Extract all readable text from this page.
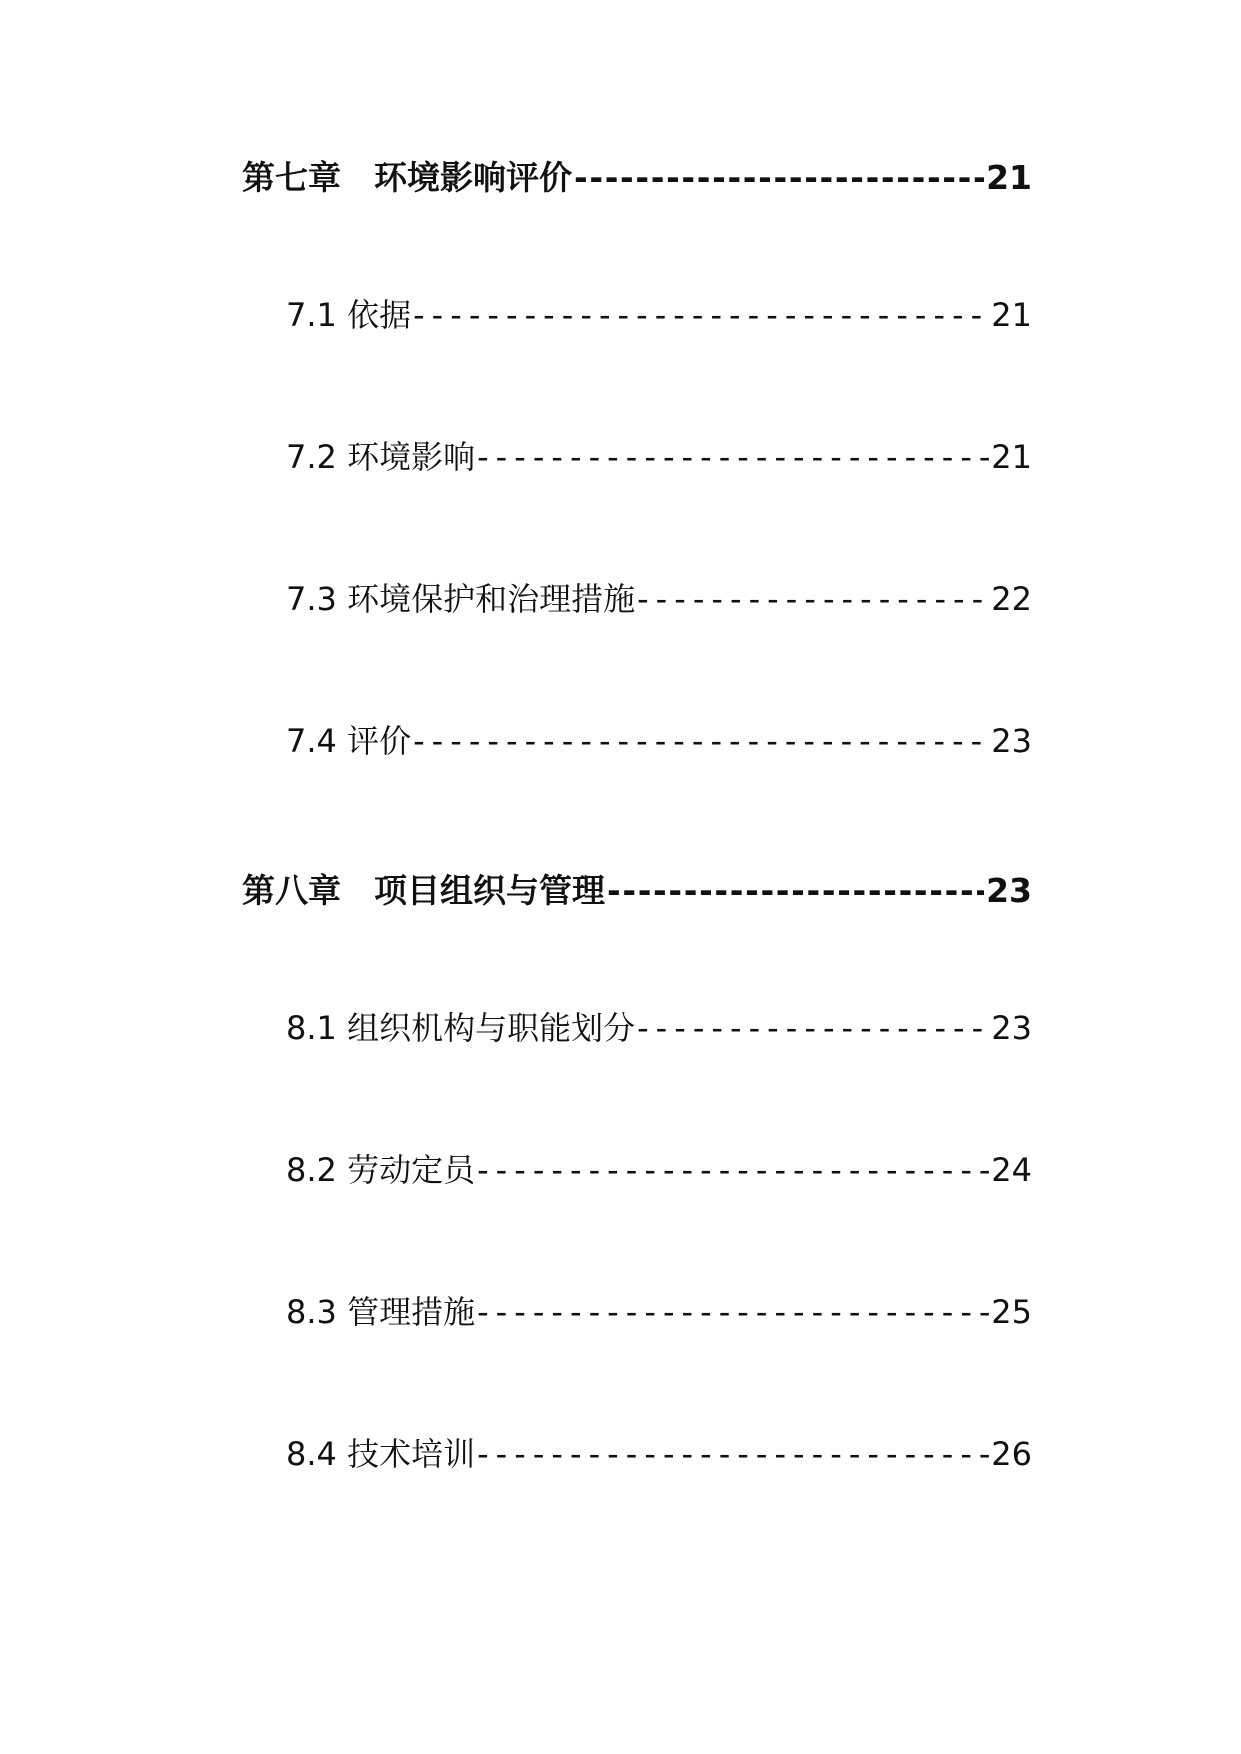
第七章　环境影响评价 -----	21
7.1 依据 -----	21
7.2 环境影响 -----	21
7.3 环境保护和治理措施 -----	22
7.4 评价 -----	23
第八章　项目组织与管理 -----	23
8.1 组织机构与职能划分 -----	23
8.2 劳动定员 -----	24
8.3 管理措施 -----	25
8.4 技术培训 -----	26
